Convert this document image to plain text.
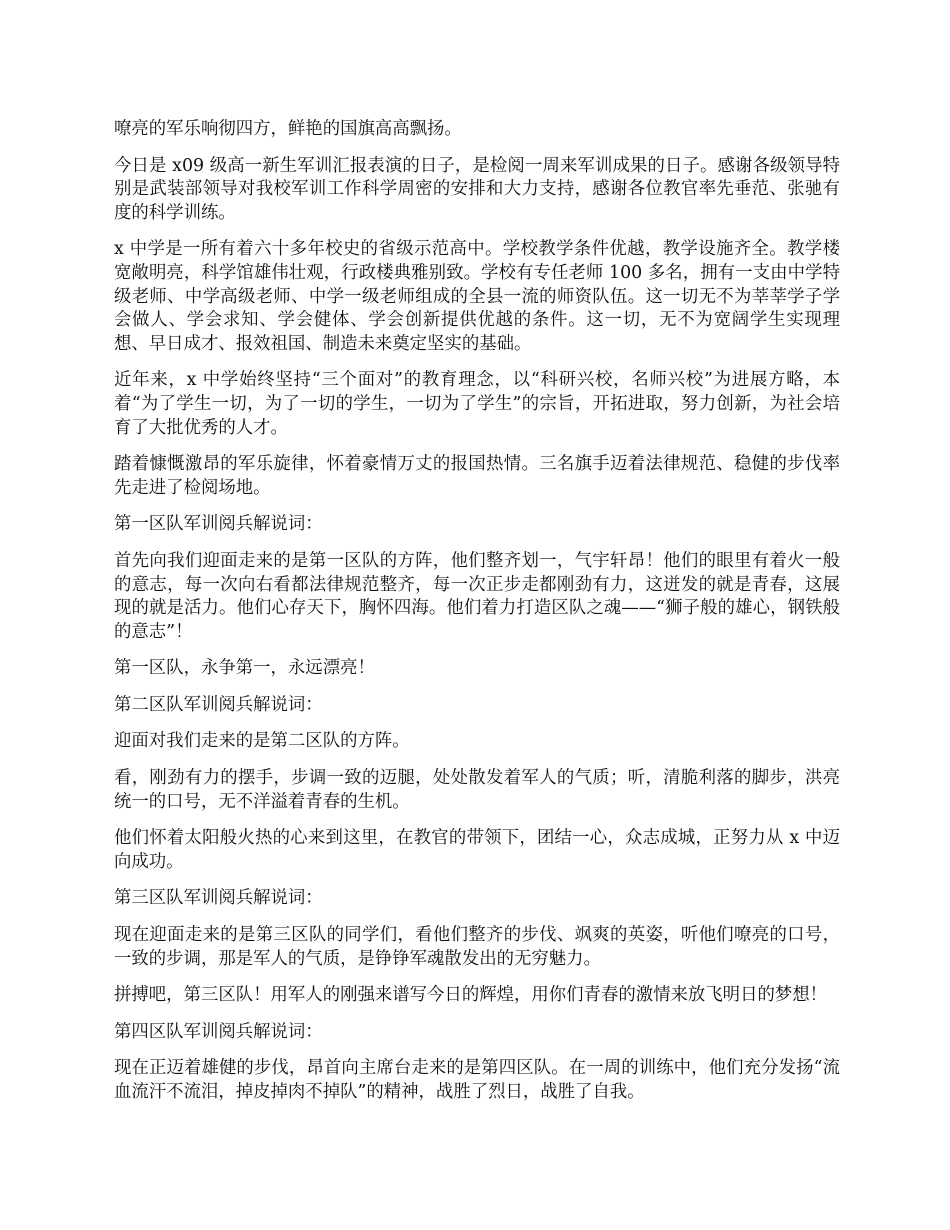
嘹亮的军乐响彻四方，鲜艳的国旗高高飘扬。

今日是 x09 级高一新生军训汇报表演的日子，是检阅一周来军训成果的日子。感谢各级领导特别是武装部领导对我校军训工作科学周密的安排和大力支持，感谢各位教官率先垂范、张驰有度的科学训练。

x 中学是一所有着六十多年校史的省级示范高中。学校教学条件优越，教学设施齐全。教学楼宽敞明亮，科学馆雄伟壮观，行政楼典雅别致。学校有专任老师 100 多名，拥有一支由中学特级老师、中学高级老师、中学一级老师组成的全县一流的师资队伍。这一切无不为莘莘学子学会做人、学会求知、学会健体、学会创新提供优越的条件。这一切，无不为宽阔学生实现理想、早日成才、报效祖国、制造未来奠定坚实的基础。

近年来，x 中学始终坚持“三个面对”的教育理念，以“科研兴校，名师兴校”为进展方略，本着“为了学生一切，为了一切的学生，一切为了学生”的宗旨，开拓进取，努力创新，为社会培育了大批优秀的人才。

踏着慷慨激昂的军乐旋律，怀着豪情万丈的报国热情。三名旗手迈着法律规范、稳健的步伐率先走进了检阅场地。

第一区队军训阅兵解说词：

首先向我们迎面走来的是第一区队的方阵，他们整齐划一，气宇轩昂！他们的眼里有着火一般的意志，每一次向右看都法律规范整齐，每一次正步走都刚劲有力，这迸发的就是青春，这展现的就是活力。他们心存天下，胸怀四海。他们着力打造区队之魂——“狮子般的雄心，钢铁般的意志”！

第一区队，永争第一，永远漂亮！

第二区队军训阅兵解说词：

迎面对我们走来的是第二区队的方阵。

看，刚劲有力的摆手，步调一致的迈腿，处处散发着军人的气质；听，清脆利落的脚步，洪亮统一的口号，无不洋溢着青春的生机。

他们怀着太阳般火热的心来到这里，在教官的带领下，团结一心，众志成城，正努力从 x 中迈向成功。

第三区队军训阅兵解说词：

现在迎面走来的是第三区队的同学们，看他们整齐的步伐、飒爽的英姿，听他们嘹亮的口号，一致的步调，那是军人的气质，是铮铮军魂散发出的无穷魅力。

拼搏吧，第三区队！用军人的刚强来谱写今日的辉煌，用你们青春的激情来放飞明日的梦想！

第四区队军训阅兵解说词：

现在正迈着雄健的步伐，昂首向主席台走来的是第四区队。在一周的训练中，他们充分发扬“流血流汗不流泪，掉皮掉肉不掉队”的精神，战胜了烈日，战胜了自我。
